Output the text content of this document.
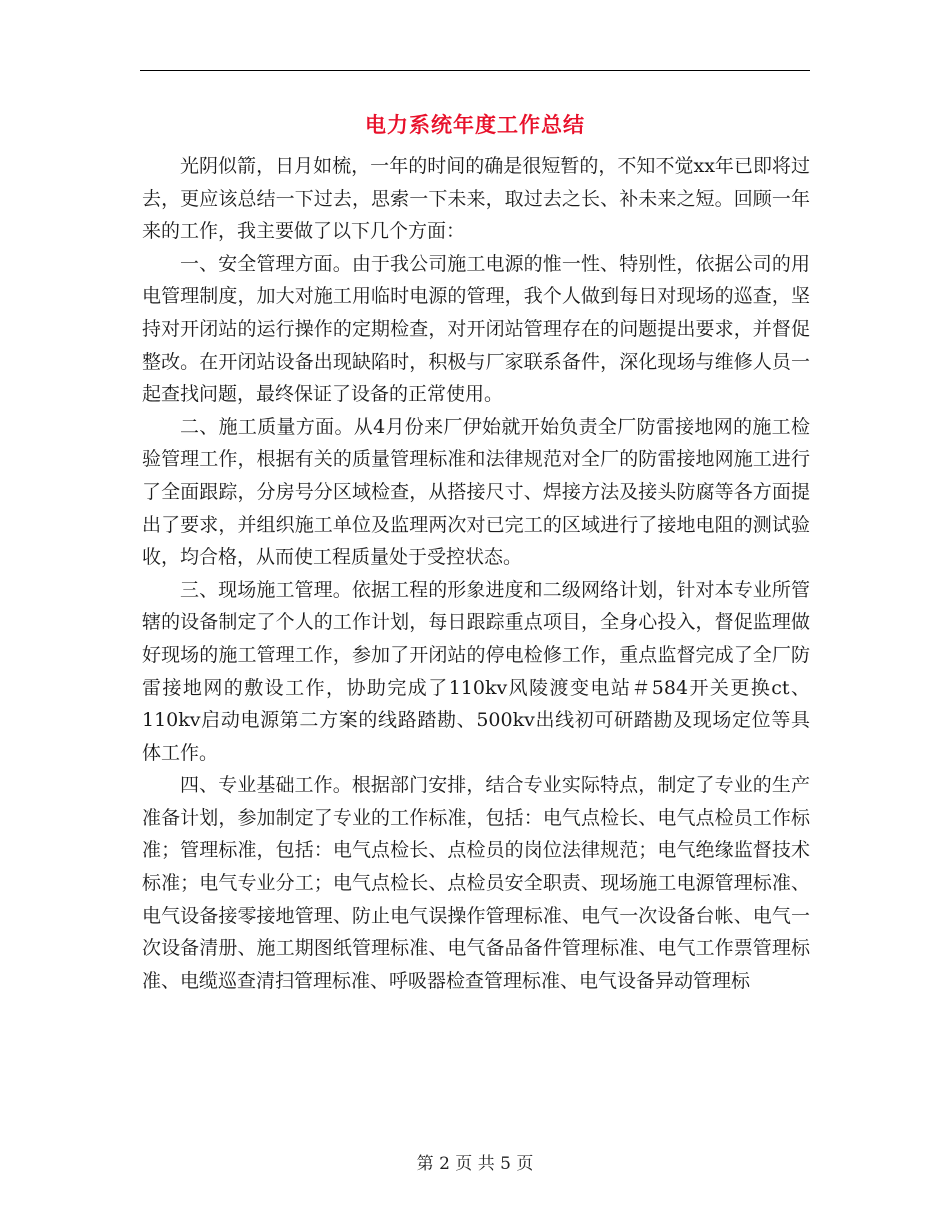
电力系统年度工作总结

光阴似箭，日月如梳，一年的时间的确是很短暂的，不知不觉xx年已即将过去，更应该总结一下过去，思索一下未来，取过去之长、补未来之短。回顾一年来的工作，我主要做了以下几个方面：

一、安全管理方面。由于我公司施工电源的惟一性、特别性，依据公司的用电管理制度，加大对施工用临时电源的管理，我个人做到每日对现场的巡查，坚持对开闭站的运行操作的定期检查，对开闭站管理存在的问题提出要求，并督促整改。在开闭站设备出现缺陷时，积极与厂家联系备件，深化现场与维修人员一起查找问题，最终保证了设备的正常使用。

二、施工质量方面。从4月份来厂伊始就开始负责全厂防雷接地网的施工检验管理工作，根据有关的质量管理标准和法律规范对全厂的防雷接地网施工进行了全面跟踪，分房号分区域检查，从搭接尺寸、焊接方法及接头防腐等各方面提出了要求，并组织施工单位及监理两次对已完工的区域进行了接地电阻的测试验收，均合格，从而使工程质量处于受控状态。

三、现场施工管理。依据工程的形象进度和二级网络计划，针对本专业所管辖的设备制定了个人的工作计划，每日跟踪重点项目，全身心投入，督促监理做好现场的施工管理工作，参加了开闭站的停电检修工作，重点监督完成了全厂防雷接地网的敷设工作，协助完成了110kv风陵渡变电站＃584开关更换ct、110kv启动电源第二方案的线路踏勘、500kv出线初可研踏勘及现场定位等具体工作。

四、专业基础工作。根据部门安排，结合专业实际特点，制定了专业的生产准备计划，参加制定了专业的工作标准，包括：电气点检长、电气点检员工作标准；管理标准，包括：电气点检长、点检员的岗位法律规范；电气绝缘监督技术标准；电气专业分工；电气点检长、点检员安全职责、现场施工电源管理标准、电气设备接零接地管理、防止电气误操作管理标准、电气一次设备台帐、电气一次设备清册、施工期图纸管理标准、电气备品备件管理标准、电气工作票管理标准、电缆巡查清扫管理标准、呼吸器检查管理标准、电气设备异动管理标

第 2 页 共 5 页
